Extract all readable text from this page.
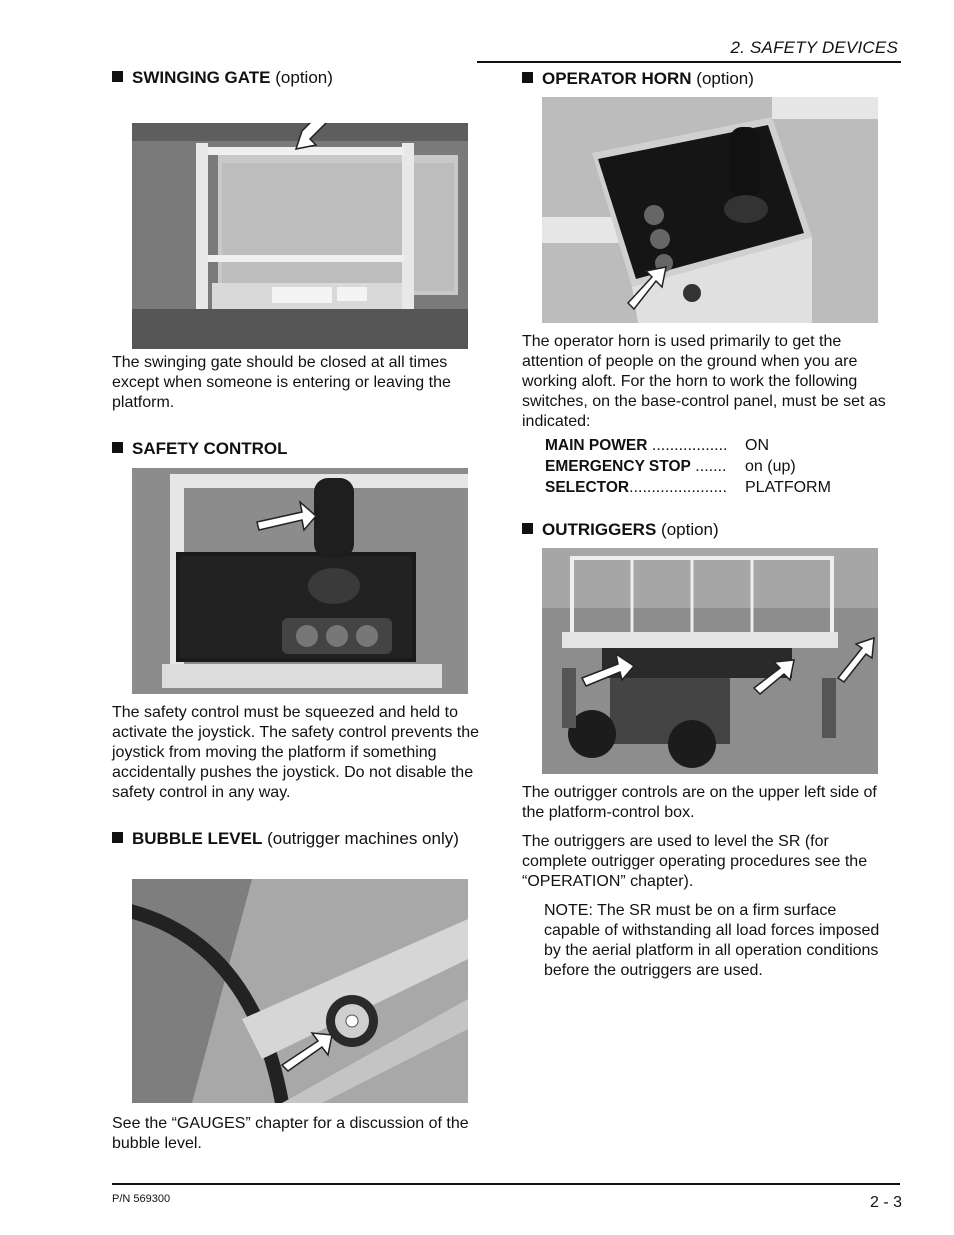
2. SAFETY DEVICES
SWINGING GATE (option)
The swinging gate should be closed at all times except when someone is entering or leaving the platform.
SAFETY CONTROL
The safety control must be squeezed and held to activate the joystick. The safety control prevents the joystick from moving the platform if something accidentally pushes the joystick. Do not disable the safety control in any way.
BUBBLE LEVEL (outrigger machines only)
See the “GAUGES” chapter for a discussion of the bubble level.
OPERATOR HORN (option)
The operator horn is used primarily to get the attention of people on the ground when you are working aloft. For the horn to work the following switches, on the base-control panel, must be set as indicated:
MAIN POWER .................	ON
EMERGENCY STOP .......	on (up)
SELECTOR......................	PLATFORM
OUTRIGGERS (option)
The outrigger controls are on the upper left side of the platform-control box.
The outriggers are used to level the SR (for complete outrigger operating procedures see the “OPERATION” chapter).
NOTE: The SR must be on a firm surface capable of withstanding all load forces imposed by the aerial platform in all operation conditions before the outriggers are used.
P/N 569300	2 - 3
